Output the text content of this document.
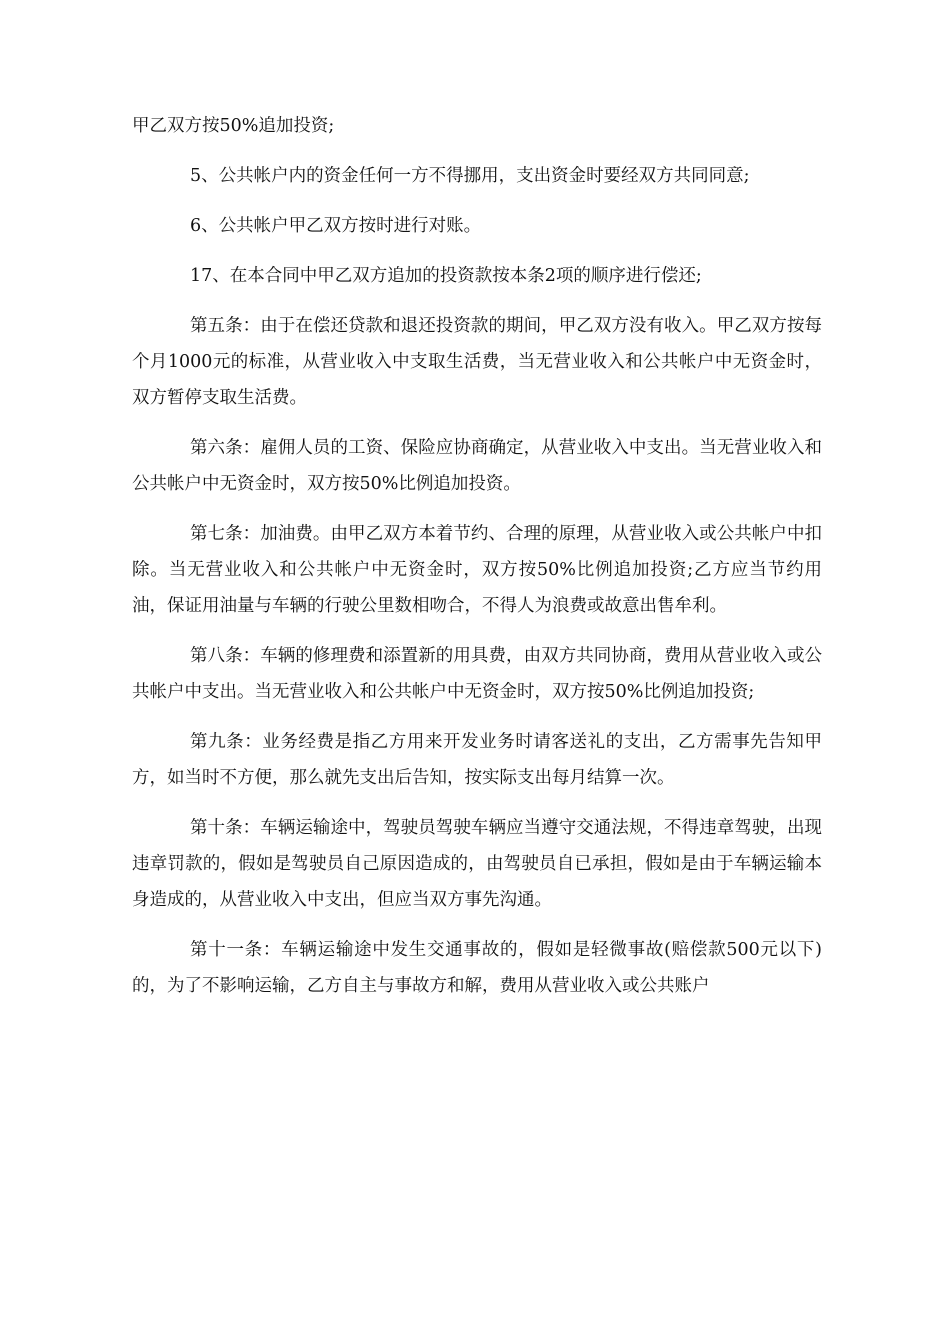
甲乙双方按50%追加投资;

5、公共帐户内的资金任何一方不得挪用，支出资金时要经双方共同同意;

6、公共帐户甲乙双方按时进行对账。

17、在本合同中甲乙双方追加的投资款按本条2项的顺序进行偿还;

第五条：由于在偿还贷款和退还投资款的期间，甲乙双方没有收入。甲乙双方按每个月1000元的标准，从营业收入中支取生活费，当无营业收入和公共帐户中无资金时，双方暂停支取生活费。

第六条：雇佣人员的工资、保险应协商确定，从营业收入中支出。当无营业收入和公共帐户中无资金时，双方按50%比例追加投资。

第七条：加油费。由甲乙双方本着节约、合理的原理，从营业收入或公共帐户中扣除。当无营业收入和公共帐户中无资金时，双方按50%比例追加投资;乙方应当节约用油，保证用油量与车辆的行驶公里数相吻合，不得人为浪费或故意出售牟利。

第八条：车辆的修理费和添置新的用具费，由双方共同协商，费用从营业收入或公共帐户中支出。当无营业收入和公共帐户中无资金时，双方按50%比例追加投资;

第九条：业务经费是指乙方用来开发业务时请客送礼的支出，乙方需事先告知甲方，如当时不方便，那么就先支出后告知，按实际支出每月结算一次。

第十条：车辆运输途中，驾驶员驾驶车辆应当遵守交通法规，不得违章驾驶，出现违章罚款的，假如是驾驶员自己原因造成的，由驾驶员自已承担，假如是由于车辆运输本身造成的，从营业收入中支出，但应当双方事先沟通。

第十一条：车辆运输途中发生交通事故的，假如是轻微事故(赔偿款500元以下)的，为了不影响运输，乙方自主与事故方和解，费用从营业收入或公共账户
